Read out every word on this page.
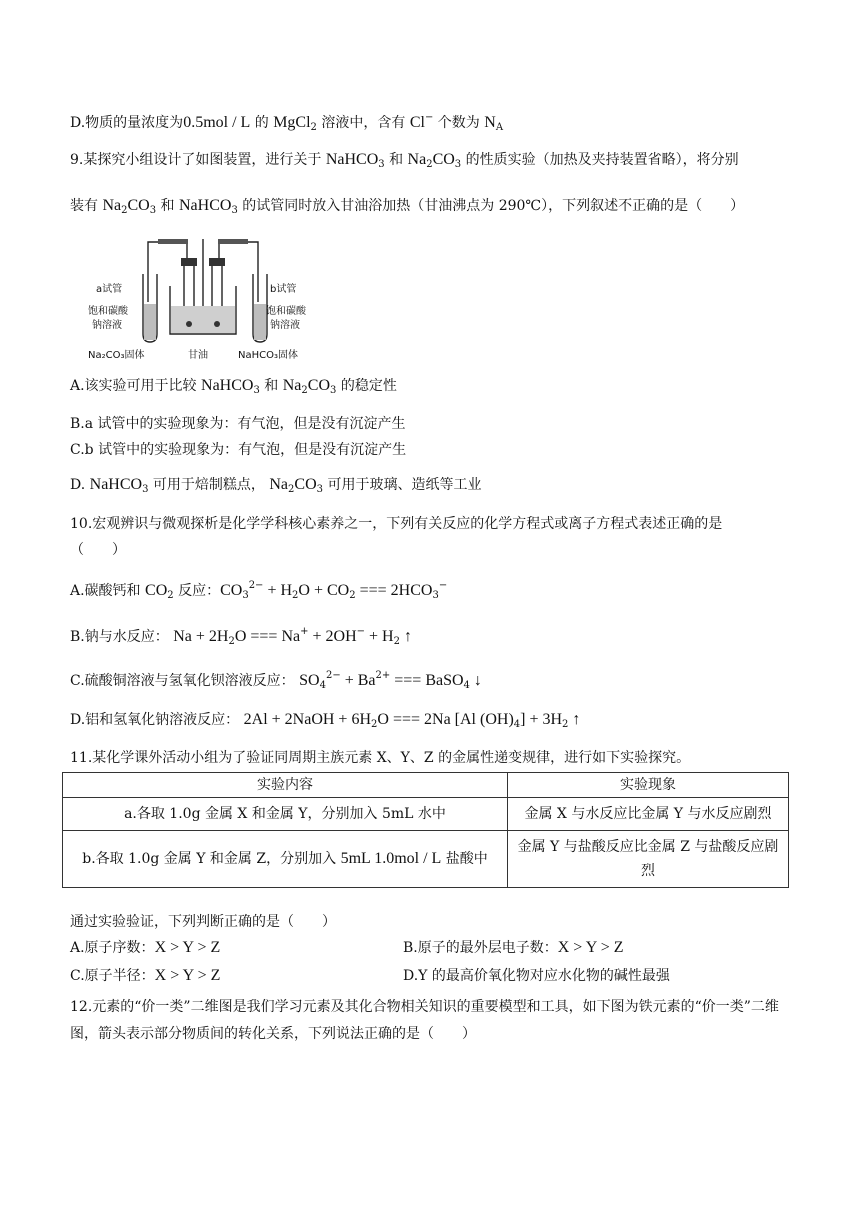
D.物质的量浓度为0.5mol / L 的 MgCl$_2$ 溶液中，含有 Cl− 个数为 $N_A$
9.某探究小组设计了如图装置，进行关于 NaHCO$_3$ 和 $Na_2CO_3$ 的性质实验（加热及夹持装置省略），将分别
装有 $Na_2CO_3$ 和 NaHCO$_3$ 的试管同时放入甘油浴加热（甘油沸点为 290℃），下列叙述不正确的是（　　）
a试管	b试管
饱和碳酸
钠溶液
饱和碳酸
钠溶液
Na₂CO₃固体	甘油	NaHCO₃固体
A.该实验可用于比较 NaHCO$_3$ 和 $Na_2CO_3$ 的稳定性
B.a 试管中的实验现象为：有气泡，但是没有沉淀产生
C.b 试管中的实验现象为：有气泡，但是没有沉淀产生
D. NaHCO$_3$ 可用于焙制糕点， $Na_2CO_3$ 可用于玻璃、造纸等工业
10.宏观辨识与微观探析是化学学科核心素养之一，下列有关反应的化学方程式或离子方程式表述正确的是
（　　）
A.碳酸钙和 $CO_2$ 反应：$CO_3^{2-} + H_2O + CO_2$ === $2HCO_3^-$
B.钠与水反应： $Na + 2H_2O$ === $Na^+ + 2OH^- + H_2$ ↑
C.硫酸铜溶液与氢氧化钡溶液反应： $SO_4^{2-} + Ba^{2+}$ === BaSO$_4$ ↓
D.铝和氢氧化钠溶液反应： 2Al + 2NaOH + $6H_2O$ === 2Na [Al $(OH)_4] + 3H_2$ ↑
11.某化学课外活动小组为了验证同周期主族元素 X、Y、Z 的金属性递变规律，进行如下实验探究。
实验内容	实验现象
a.各取 1.0g 金属 X 和金属 Y，分别加入 5mL 水中	金属 X 与水反应比金属 Y 与水反应剧烈
b.各取 1.0g 金属 Y 和金属 Z，分别加入 5mL 1.0mol / L 盐酸中	金属 Y 与盐酸反应比金属 Z 与盐酸反应剧烈
通过实验验证，下列判断正确的是（　　）
A.原子序数：X > Y > Z	B.原子的最外层电子数：X > Y > Z
C.原子半径：X > Y > Z	D.Y 的最高价氧化物对应水化物的碱性最强
12.元素的“价一类”二维图是我们学习元素及其化合物相关知识的重要模型和工具，如下图为铁元素的“价一类”二维图，箭头表示部分物质间的转化关系，下列说法正确的是（　　）
